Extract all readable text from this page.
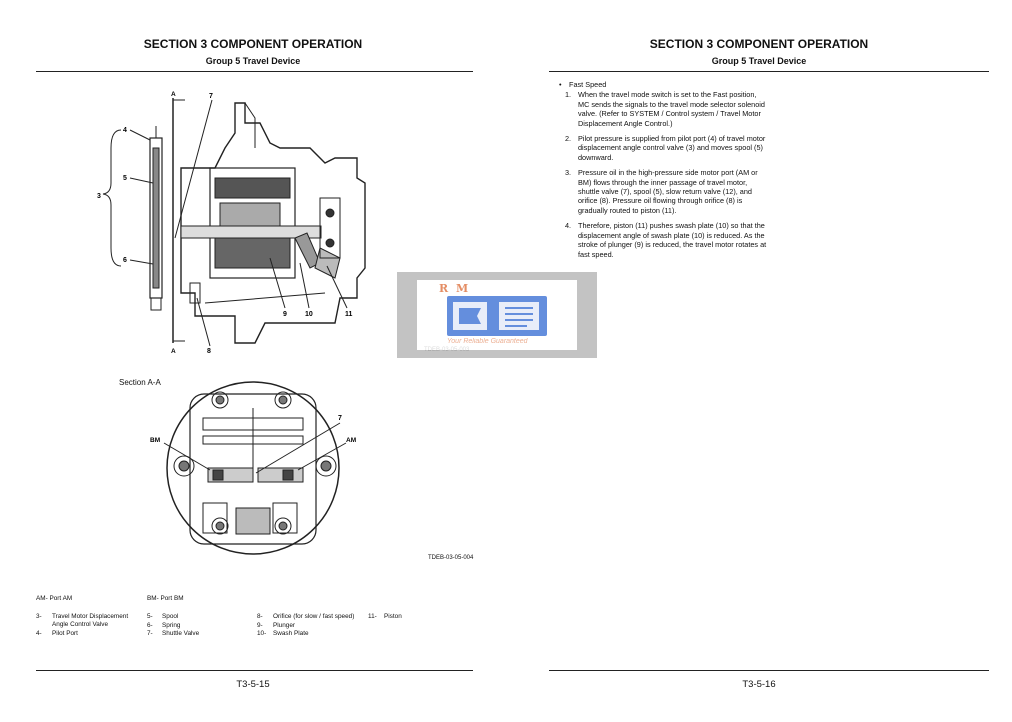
SECTION 3 COMPONENT OPERATION
Group 5 Travel Device
T3-5-15
A	7
4
5
3
6
9	10	11
A	8
Section A-A
BM	AM
7
TDEB-03-05-004
AM- Port AM	BM- Port BM
3- Travel Motor Displacement Angle Control Valve
4- Pilot Port
5- Spool
6- Spring
7- Shuttle Valve
8- Orifice (for slow / fast speed)
9- Plunger
10- Swash Plate
11- Piston
SECTION 3 COMPONENT OPERATION
Group 5 Travel Device
T3-5-16
• Fast Speed
1. When the travel mode switch is set to the Fast position, MC sends the signals to the travel mode selector solenoid valve. (Refer to SYSTEM / Control system / Travel Motor Displacement Angle Control.)
2. Pilot pressure is supplied from pilot port (4) of travel motor displacement angle control valve (3) and moves spool (5) downward.
3. Pressure oil in the high-pressure side motor port (AM or BM) flows through the inner passage of travel motor, shuttle valve (7), spool (5), slow return valve (12), and orifice (8). Pressure oil flowing through orifice (8) is gradually routed to piston (11).
4. Therefore, piston (11) pushes swash plate (10) so that the displacement angle of swash plate (10) is reduced. As the stroke of plunger (9) is reduced, the travel motor rotates at fast speed.
R M
Your Reliable Guaranteed
